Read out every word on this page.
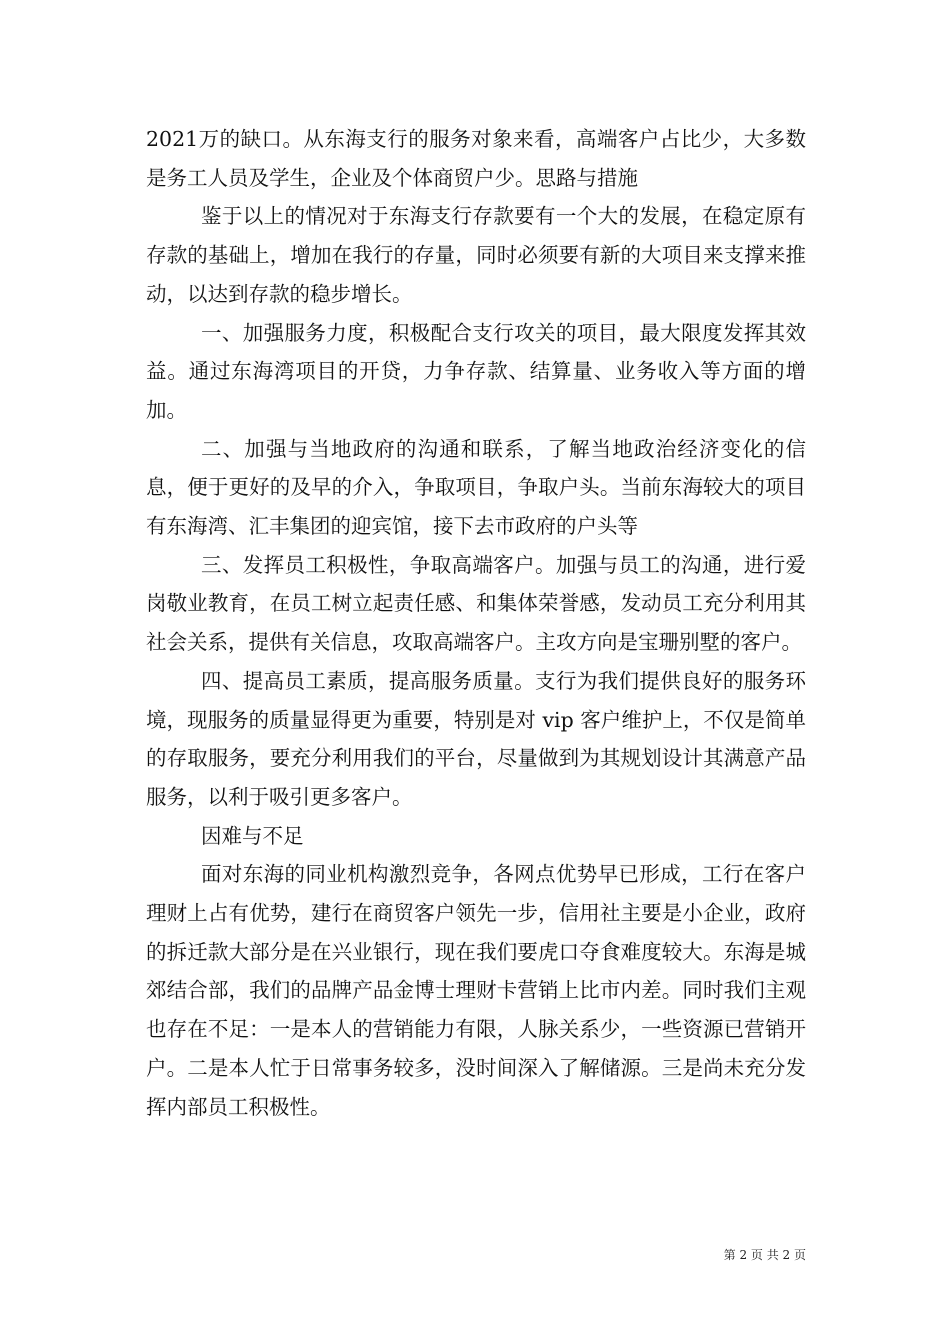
2021万的缺口。从东海支行的服务对象来看，高端客户占比少，大多数是务工人员及学生，企业及个体商贸户少。思路与措施

鉴于以上的情况对于东海支行存款要有一个大的发展，在稳定原有存款的基础上，增加在我行的存量，同时必须要有新的大项目来支撑来推动，以达到存款的稳步增长。

一、加强服务力度，积极配合支行攻关的项目，最大限度发挥其效益。通过东海湾项目的开贷，力争存款、结算量、业务收入等方面的增加。

二、加强与当地政府的沟通和联系，了解当地政治经济变化的信息，便于更好的及早的介入，争取项目，争取户头。当前东海较大的项目有东海湾、汇丰集团的迎宾馆，接下去市政府的户头等

三、发挥员工积极性，争取高端客户。加强与员工的沟通，进行爱岗敬业教育，在员工树立起责任感、和集体荣誉感，发动员工充分利用其社会关系，提供有关信息，攻取高端客户。主攻方向是宝珊别墅的客户。

四、提高员工素质，提高服务质量。支行为我们提供良好的服务环境，现服务的质量显得更为重要，特别是对 vip 客户维护上，不仅是简单的存取服务，要充分利用我们的平台，尽量做到为其规划设计其满意产品服务，以利于吸引更多客户。

因难与不足

面对东海的同业机构激烈竞争，各网点优势早已形成，工行在客户理财上占有优势，建行在商贸客户领先一步，信用社主要是小企业，政府的拆迁款大部分是在兴业银行，现在我们要虎口夺食难度较大。东海是城郊结合部，我们的品牌产品金博士理财卡营销上比市内差。同时我们主观也存在不足：一是本人的营销能力有限，人脉关系少，一些资源已营销开户。二是本人忙于日常事务较多，没时间深入了解储源。三是尚未充分发挥内部员工积极性。

第 2 页 共 2 页
